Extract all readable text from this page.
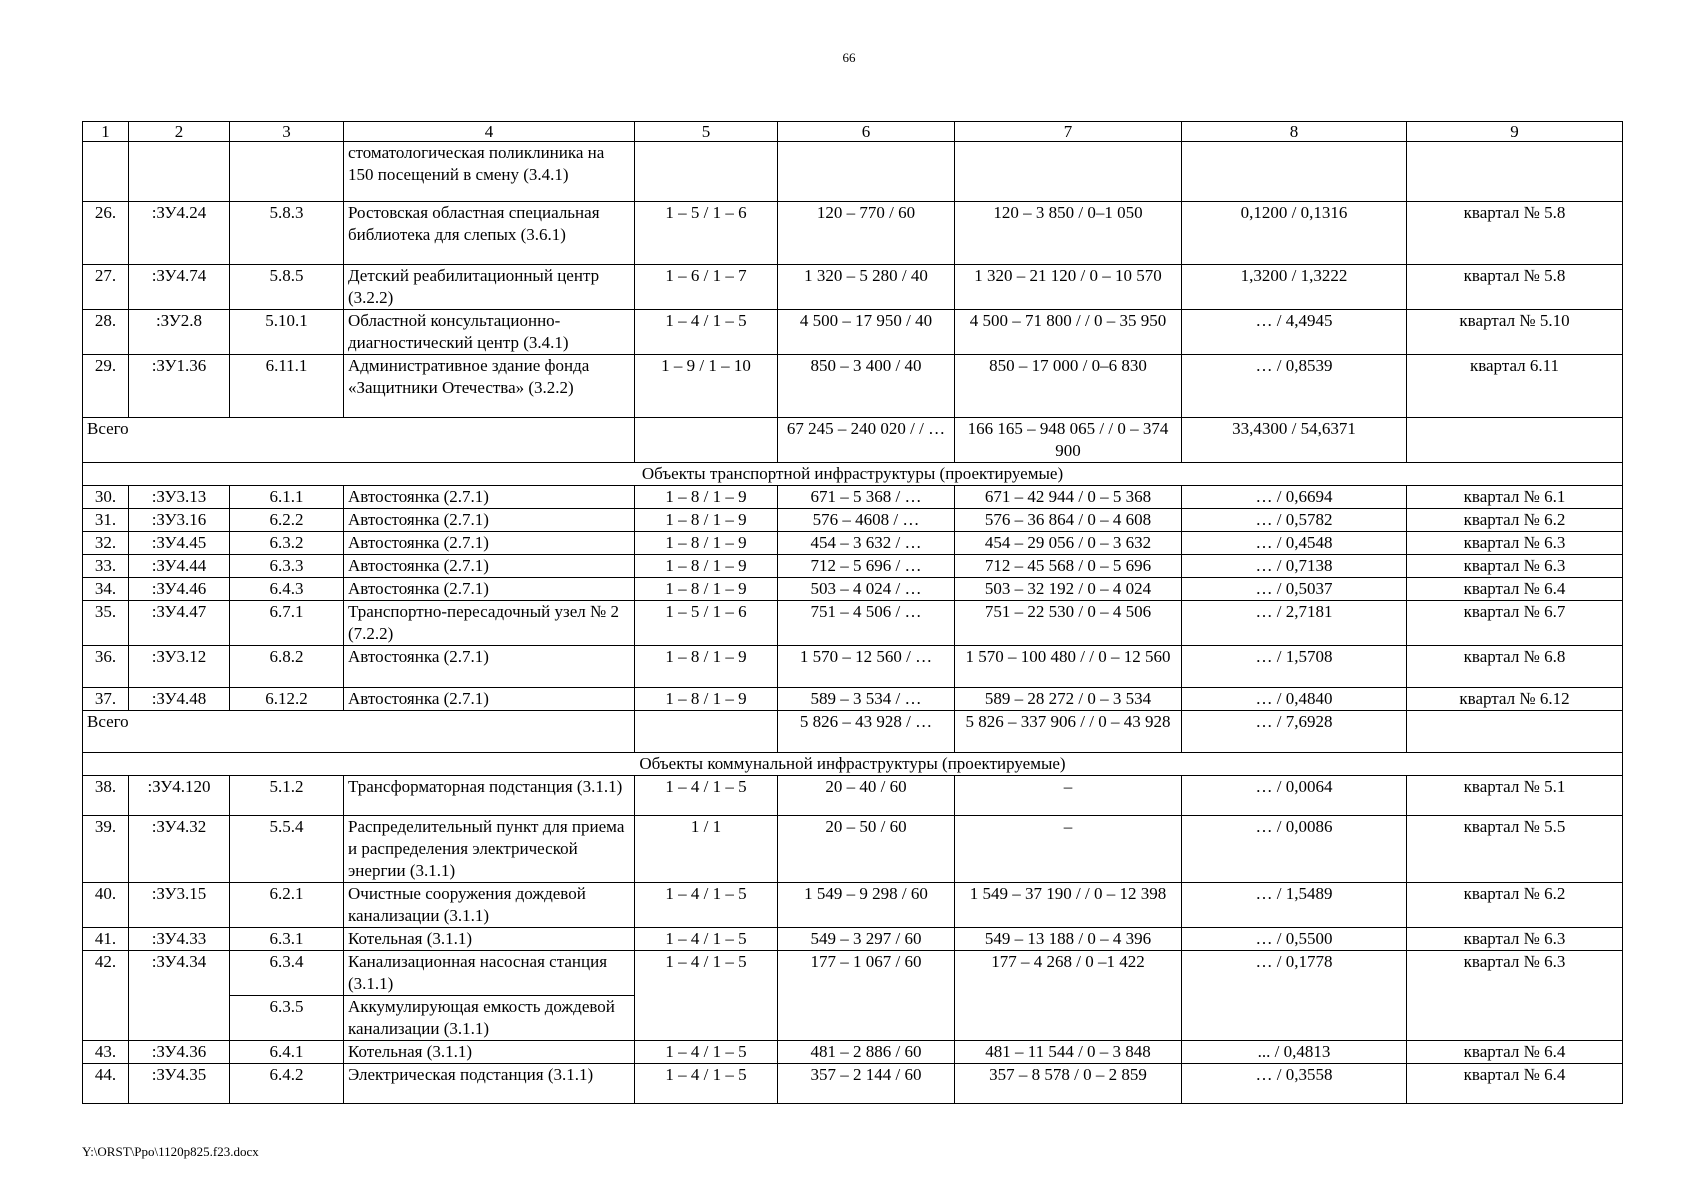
66
1	2	3	4	5	6	7	8	9
			стоматологическая поликлиника на 150 посещений в смену (3.4.1)					
26.	:ЗУ4.24	5.8.3	Ростовская областная специальная библиотека для слепых (3.6.1)	1 – 5 / 1 – 6	120 – 770 / 60	120 – 3 850 / 0–1 050	0,1200 / 0,1316	квартал № 5.8
27.	:ЗУ4.74	5.8.5	Детский реабилитационный центр (3.2.2)	1 – 6 / 1 – 7	1 320 – 5 280 / 40	1 320 – 21 120 / 0 – 10 570	1,3200 / 1,3222	квартал № 5.8
28.	:ЗУ2.8	5.10.1	Областной консультационно-диагностический центр (3.4.1)	1 – 4 / 1 – 5	4 500 – 17 950 / 40	4 500 – 71 800 / / 0 – 35 950	… / 4,4945	квартал № 5.10
29.	:ЗУ1.36	6.11.1	Административное здание фонда «Защитники Отечества» (3.2.2)	1 – 9 / 1 – 10	850 – 3 400 / 40	850 – 17 000 / 0–6 830	… / 0,8539	квартал 6.11
Всего					67 245 – 240 020 / / …	166 165 – 948 065 / / 0 – 374 900	33,4300 / 54,6371	
Объекты транспортной инфраструктуры (проектируемые)								
30.	:ЗУ3.13	6.1.1	Автостоянка (2.7.1)	1 – 8 / 1 – 9	671 – 5 368 / …	671 – 42 944 / 0 – 5 368	… / 0,6694	квартал № 6.1
31.	:ЗУ3.16	6.2.2	Автостоянка (2.7.1)	1 – 8 / 1 – 9	576 – 4608 / …	576 – 36 864 / 0 – 4 608	… / 0,5782	квартал № 6.2
32.	:ЗУ4.45	6.3.2	Автостоянка (2.7.1)	1 – 8 / 1 – 9	454 – 3 632 / …	454 – 29 056 / 0 – 3 632	… / 0,4548	квартал № 6.3
33.	:ЗУ4.44	6.3.3	Автостоянка (2.7.1)	1 – 8 / 1 – 9	712 – 5 696 / …	712 – 45 568 / 0 – 5 696	… / 0,7138	квартал № 6.3
34.	:ЗУ4.46	6.4.3	Автостоянка (2.7.1)	1 – 8 / 1 – 9	503 – 4 024 / …	503 – 32 192 / 0 – 4 024	… / 0,5037	квартал № 6.4
35.	:ЗУ4.47	6.7.1	Транспортно-пересадочный узел № 2 (7.2.2)	1 – 5 / 1 – 6	751 – 4 506 / …	751 – 22 530 / 0 – 4 506	… / 2,7181	квартал № 6.7
36.	:ЗУ3.12	6.8.2	Автостоянка (2.7.1)	1 – 8 / 1 – 9	1 570 – 12 560 / …	1 570 – 100 480 / / 0 – 12 560	… / 1,5708	квартал № 6.8
37.	:ЗУ4.48	6.12.2	Автостоянка (2.7.1)	1 – 8 / 1 – 9	589 – 3 534 / …	589 – 28 272 / 0 – 3 534	… / 0,4840	квартал № 6.12
Всего					5 826 – 43 928 / …	5 826 – 337 906 / / 0 – 43 928	… / 7,6928	
Объекты коммунальной инфраструктуры (проектируемые)								
38.	:ЗУ4.120	5.1.2	Трансформаторная подстанция (3.1.1)	1 – 4 / 1 – 5	20 – 40 / 60	–	… / 0,0064	квартал № 5.1
39.	:ЗУ4.32	5.5.4	Распределительный пункт для приема и распределения электрической энергии (3.1.1)	1 / 1	20 – 50 / 60	–	… / 0,0086	квартал № 5.5
40.	:ЗУ3.15	6.2.1	Очистные сооружения дождевой канализации (3.1.1)	1 – 4 / 1 – 5	1 549 – 9 298 / 60	1 549 – 37 190 / / 0 – 12 398	… / 1,5489	квартал № 6.2
41.	:ЗУ4.33	6.3.1	Котельная (3.1.1)	1 – 4 / 1 – 5	549 – 3 297 / 60	549 – 13 188 / 0 – 4 396	… / 0,5500	квартал № 6.3
42.	:ЗУ4.34	6.3.4	Канализационная насосная станция (3.1.1)	1 – 4 / 1 – 5	177 – 1 067 / 60	177 – 4 268 / 0 –1 422	… / 0,1778	квартал № 6.3
		6.3.5	Аккумулирующая емкость дождевой канализации (3.1.1)					
43.	:ЗУ4.36	6.4.1	Котельная (3.1.1)	1 – 4 / 1 – 5	481 – 2 886 / 60	481 – 11 544 / 0 – 3 848	... / 0,4813	квартал № 6.4
44.	:ЗУ4.35	6.4.2	Электрическая подстанция (3.1.1)	1 – 4 / 1 – 5	357 – 2 144 / 60	357 – 8 578 / 0 – 2 859	… / 0,3558	квартал № 6.4
Y:\ORST\Ppo\1120p825.f23.docx
